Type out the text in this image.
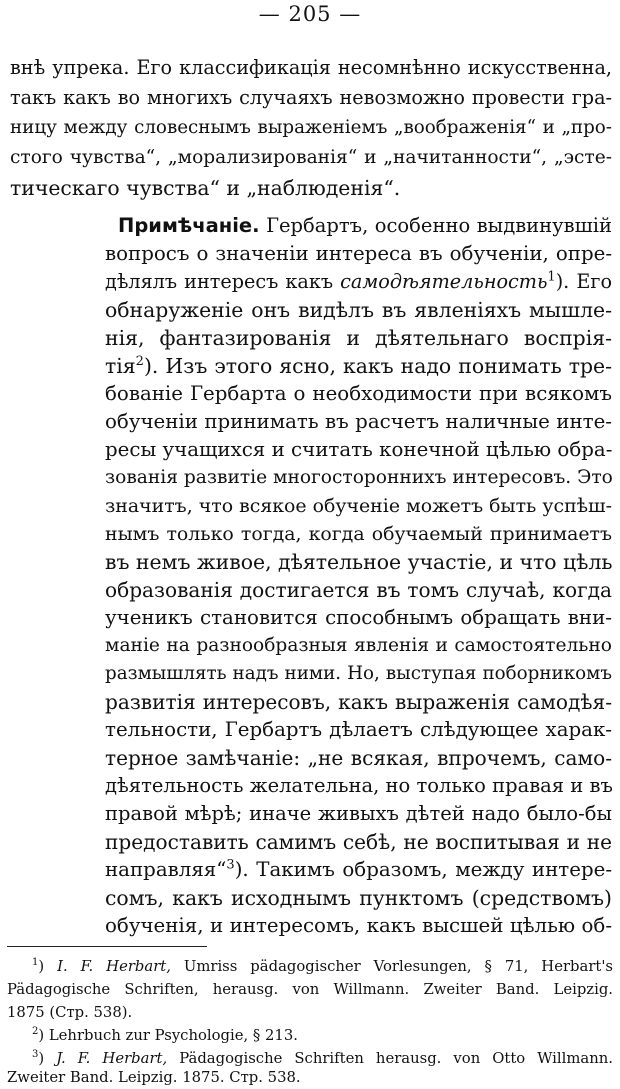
— 205 —
внѣ упрека. Его классификація несомнѣнно искусственна,
такъ какъ во многихъ случаяхъ невозможно провести гра-
ницу между словеснымъ выраженіемъ „воображенія“ и „про-
стого чувства“, „морализированія“ и „начитанности“, „эсте-
тическаго чувства“ и „наблюденія“.
Примѣчаніе. Гербартъ, особенно выдвинувшій
вопросъ о значеніи интереса въ обученіи, опре-
дѣлялъ интересъ какъ самодѣятельность$^1$). Его
обнаруженіе онъ видѣлъ въ явленіяхъ мышле-
нія, фантазированія и дѣятельнаго воспрія-
тія$^2$). Изъ этого ясно, какъ надо понимать тре-
бованіе Гербарта о необходимости при всякомъ
обученіи принимать въ расчетъ наличные инте-
ресы учащихся и считать конечной цѣлью обра-
зованія развитіе многостороннихъ интересовъ. Это
значитъ, что всякое обученіе можетъ быть успѣш-
нымъ только тогда, когда обучаемый принимаетъ
въ немъ живое, дѣятельное участіе, и что цѣль
образованія достигается въ томъ случаѣ, когда
ученикъ становится способнымъ обращать вни-
маніе на разнообразныя явленія и самостоятельно
размышлять надъ ними. Но, выступая поборникомъ
развитія интересовъ, какъ выраженія самодѣя-
тельности, Гербартъ дѣлаетъ слѣдующее харак-
терное замѣчаніе: „не всякая, впрочемъ, само-
дѣятельность желательна, но только правая и въ
правой мѣрѣ; иначе живыхъ дѣтей надо было-бы
предоставить самимъ себѣ, не воспитывая и не
направляя“$^3$). Такимъ образомъ, между интере-
сомъ, какъ исходнымъ пунктомъ (средствомъ)
обученія, и интересомъ, какъ высшей цѣлью об-
$^1$) I. F. Herbart, Umriss pädagogischer Vorlesungen, § 71, Herbart's
Pädagogische Schriften, herausg. von Willmann. Zweiter Band. Leipzig.
1875 (Стр. 538).
$^2$) Lehrbuch zur Psychologie, § 213.
$^3$) J. F. Herbart, Pädagogische Schriften herausg. von Otto Willmann.
Zweiter Band. Leipzig. 1875. Стр. 538.
